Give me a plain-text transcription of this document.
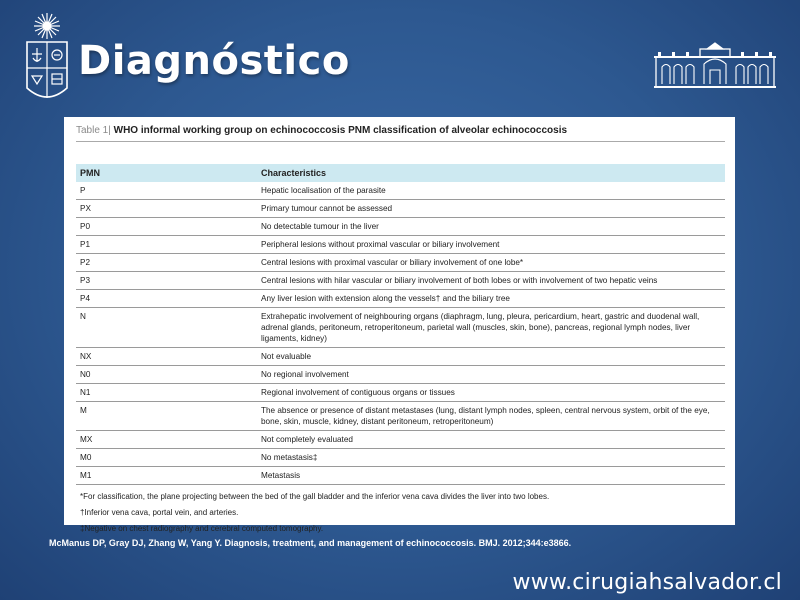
Diagnóstico
Table 1| WHO informal working group on echinococcosis PNM classification of alveolar echinococcosis
PMN	Characteristics
P	Hepatic localisation of the parasite
PX	Primary tumour cannot be assessed
P0	No detectable tumour in the liver
P1	Peripheral lesions without proximal vascular or biliary involvement
P2	Central lesions with proximal vascular or biliary involvement of one lobe*
P3	Central lesions with hilar vascular or biliary involvement of both lobes or with involvement of two hepatic veins
P4	Any liver lesion with extension along the vessels† and the biliary tree
N	Extrahepatic involvement of neighbouring organs (diaphragm, lung, pleura, pericardium, heart, gastric and duodenal wall, adrenal glands, peritoneum, retroperitoneum, parietal wall (muscles, skin, bone), pancreas, regional lymph nodes, liver ligaments, kidney)
NX	Not evaluable
N0	No regional involvement
N1	Regional involvement of contiguous organs or tissues
M	The absence or presence of distant metastases (lung, distant lymph nodes, spleen, central nervous system, orbit of the eye, bone, skin, muscle, kidney, distant peritoneum, retroperitoneum)
MX	Not completely evaluated
M0	No metastasis‡
M1	Metastasis
*For classification, the plane projecting between the bed of the gall bladder and the inferior vena cava divides the liver into two lobes.
†Inferior vena cava, portal vein, and arteries.
‡Negative on chest radiography and cerebral computed tomography.
McManus DP, Gray DJ, Zhang W, Yang Y. Diagnosis, treatment, and management of echinococcosis. BMJ. 2012;344:e3866.
www.cirugiahsalvador.cl
